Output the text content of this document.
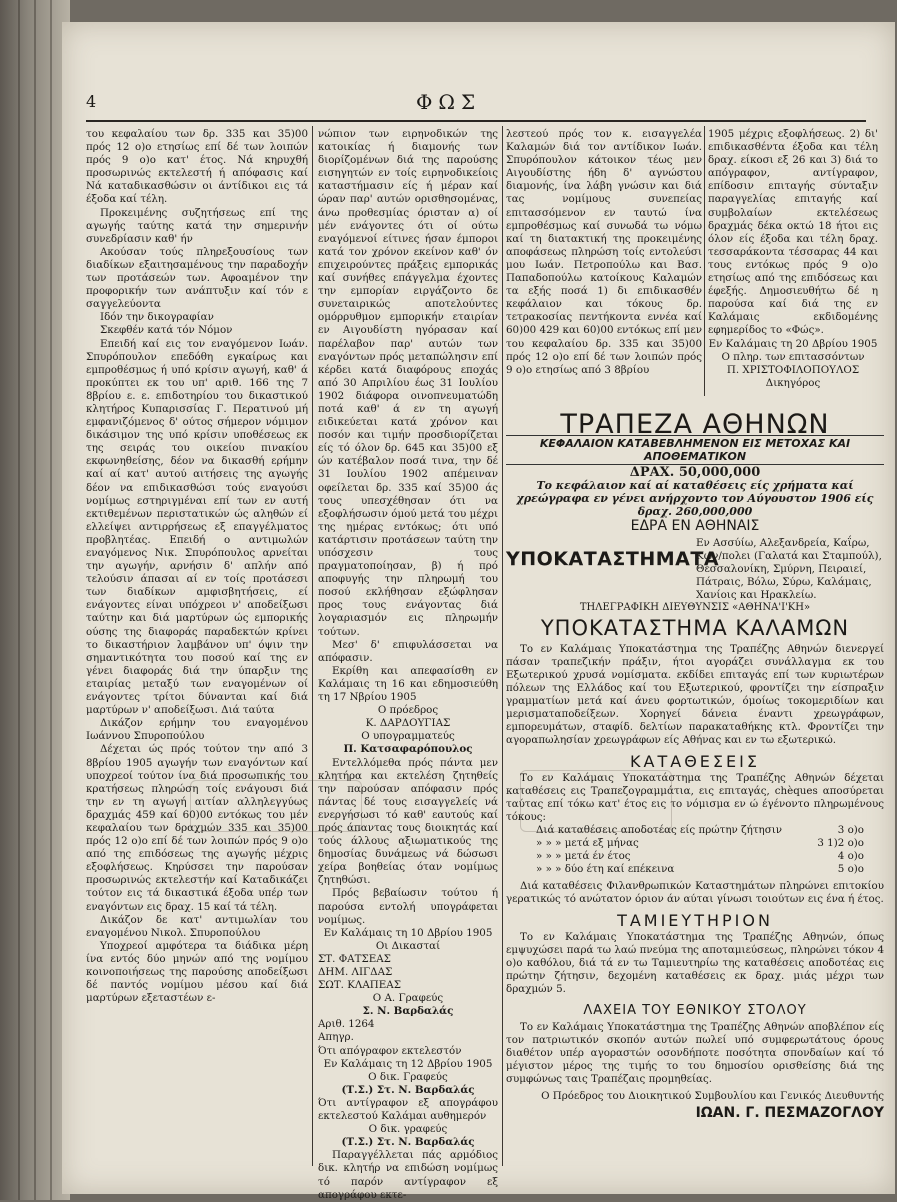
4	ΦΩΣ

του κεφαλαίου των δρ. 335 και 35)00 πρός 12 ο)ο ετησίως επί δέ των λοιπών πρός 9 ο)ο κατ' έτος. Νά κηρυχθή προσωρινώς εκτελεστή ή απόφασις καί Νά καταδικασθώσιν οι άντίδικοι εις τά έξοδα καί τέλη.

Προκειμένης συζητήσεως επί της αγωγής ταύτης κατά την σημερινήν συνεδρίασιν καθ' ήν

Ακούσαν τούς πληρεξουσίους των διαδίκων εξαιτησαμένους την παραδοχήν των προτάσεών των. Αφοαμένον την προφορικήν των ανάπτυξιν καί τόν ε σαγγελεύοντα

Ιδόν την δικογραφίαν

Σκεφθέν κατά τόν Νόμον

Επειδή καί εις τον εναγόμενον Ιωάν. Σπυρόπουλον επεδόθη εγκαίρως και εμπροθέσμως ή υπό κρίσιν αγωγή, καθ' ά προκύπτει εκ του υπ' αριθ. 166 της 7 8βρίου ε. ε. επιδοτηρίου του δικαστικού κλητήρος Κυπαρισσίας Γ. Περατινού μή εμφανιζόμενος δ' ούτος σήμερον νόμιμον δικάσιμον της υπό κρίσιν υποθέσεως εκ της σειράς του οικείου πινακίου εκφωνηθείσης, δέον να δικασθή ερήμην καί αί κατ' αυτού αιτήσεις της αγωγής δέον να επιδικασθώσι τούς εναγούσι νομίμως εστηριγμέναι επί των εν αυτή εκτιθεμένων περιστατικών ώς αληθών εί ελλείψει αντιρρήσεως εξ επαγγέλματος προβλητέας. Επειδή ο αντιμωλών εναγόμενος Νικ. Σπυρόπουλος αρνείται την αγωγήν, αρνήσιν δ' απλήν από τελούσιν άπασαι αί εν τοίς προτάσεσι των διαδίκων αμφισβητήσεις, εί ενάγοντες είναι υπόχρεοι ν' αποδείξωσι ταύτην και διά μαρτύρων ώς εμπορικής ούσης της διαφοράς παραδεκτών κρίνει το δικαστήριον λαμβάνον υπ' όψιν την σημαντικότητα του ποσού καί της εν γένει διαφοράς διά την ύπαρξιν της εταιρίας μεταξύ των εναγομένων οί ενάγοντες τρίτοι δύνανται καί διά μαρτύρων ν' αποδείξωσι. Διά ταύτα

Δικάζον ερήμην του εναγομένου Ιωάννου Σπυροπούλου

Δέχεται ώς πρός τούτον την από 3 8βρίου 1905 αγωγήν των εναγόντων καί υποχρεοί τούτον ίνα διά προσωπικής του κρατήσεως πληρώση τοίς ενάγουσι διά την εν τη αγωγή αιτίαν αλληλεγγύως δραχμάς 459 καί 60)00 εντόκως του μέν κεφαλαίου των δραχμών 335 και 35)00 πρός 12 ο)ο επί δέ των λοιπών πρός 9 ο)ο από της επιδόσεως της αγωγής μέχρις εξοφλήσεως. Κηρύσσει την παρούσαν προσωρινώς εκτελεστήν καί Καταδικάζει τούτον εις τά δικαστικά έξοδα υπέρ των εναγόντων εις δραχ. 15 καί τά τέλη.

Δικάζον δε κατ' αντιμωλίαν του εναγομένου Νικολ. Σπυροπούλου

Υποχρεοί αμφότερα τα διάδικα μέρη ίνα εντός δύο μηνών από της νομίμου κοινοποιήσεως της παρούσης αποδείξωσι δέ παντός νομίμου μέσου καί διά μαρτύρων εξεταστέων ε-

νώπιον των ειρηνοδικών της κατοικίας ή διαμονής των διορίζομένων διά της παρούσης εισηγητών εν τοίς ειρηνοδικείοις καταστήμασιν είς ή μέραν καί ώραν παρ' αυτών ορισθησομένας, άνω προθεσμίας όρισταν α) οί μέν ενάγοντες ότι οί ούτω εναγόμενοί είτινες ήσαν έμποροι κατά τον χρόνον εκείνον καθ' όν επιχειρούντες πράξεις εμπορικάς καί συνήθες επάγγελμα έχοντες την εμπορίαν ειργάζοντο δε συνεταιρικώς αποτελούντες ομόρρυθμον εμπορικήν εταιρίαν εν Αιγουδίστη ηγόρασαν καί παρέλαβον παρ' αυτών των εναγόντων πρός μεταπώλησιν επί κέρδει κατά διαφόρους εποχάς από 30 Απριλίου έως 31 Ιουλίου 1902 διάφορα οινοπνευματώδη ποτά καθ' ά εν τη αγωγή ειδικεύεται κατά χρόνον και ποσόν και τιμήν προσδιορίζεται είς τό όλον δρ. 645 και 35)00 εξ ών κατέβαλον ποσά τινα, την δέ 31 Ιουλίου 1902 απέμειναν οφείλεται δρ. 335 καί 35)00 άς τους υπεσχέθησαν ότι να εξοφλήσωσιν όμού μετά του μέχρι της ημέρας εντόκως; ότι υπό κατάρτισιν προτάσεων ταύτη την υπόσχεσιν τους πραγματοποίησαν, β) ή πρό αποφυγής την πληρωμή του ποσού εκλήθησαν εξώφλησαν προς τους ενάγοντας διά λογαριασμόν εις πληρωμήν τούτων.

Μεσ' δ' επιφυλάσσεται να απόφασιν.

Εκρίθη και απεφασίσθη εν Καλάμαις τη 16 και εδημοσιεύθη τη 17 Νβρίου 1905

Ο πρόεδρος

Κ. ΔΑΡΔΟΥΓΙΑΣ

Ο υπογραμματεύς

Π. Κατσαφαρόπουλος

Εντελλόμεθα πρός πάντα μεν κλητήρα και εκτελέση ζητηθείς την παρούσαν απόφασιν πρός πάντας δέ τους εισαγγελείς νά ενεργήσωσι τό καθ' εαυτούς καί πρός άπαντας τους διοικητάς καί τούς άλλους αξιωματικούς της δημοσίας δυνάμεως νά δώσωσι χείρα βοηθείας όταν νομίμως ζητηθώσι.

Πρός βεβαίωσιν τούτου ή παρούσα εντολή υπογράφεται νομίμως.

Εν Καλάμαις τη 10 Δβρίου 1905

Οι Δικασταί

ΣΤ. ΦΑΤΣΕΑΣ

ΔΗΜ. ΛΙΓΔΑΣ

ΣΩΤ. ΚΛΑΠΕΑΣ

Ο Α. Γραφεύς

Σ. Ν. Βαρδαλάς

Αριθ. 1264

Απηγρ.

Ότι απόγραφον εκτελεστόν

Εν Καλάμαις τη 12 Δβρίου 1905

Ο δικ. Γραφεύς

(Τ.Σ.) Στ. Ν. Βαρδαλάς

Ότι αντίγραφον εξ απογράφου εκτελεστού Καλάμαι αυθημερόν

Ο δικ. γραφεύς

(Τ.Σ.) Στ. Ν. Βαρδαλάς

Παραγγέλλεται πάς αρμόδιος δικ. κλητήρ να επιδώση νομίμως τό παρόν αντίγραφον εξ απογράφου εκτε-

λεστεού πρός τον κ. εισαγγελέα Καλαμών διά τον αντίδικον Ιωάν. Σπυρόπουλον κάτοικον τέως μεν Αιγουδίστης ήδη δ' αγνώστου διαμονής, ίνα λάβη γνώσιν και διά τας νομίμους συνεπείας επιτασσόμενον εν ταυτώ ίνα εμπροθέσμως καί συνωδά τω νόμω καί τη διατακτική της προκειμένης αποφάσεως πληρώση τοίς εντολεύσι μου Ιωάν. Πετροπούλω και Βασ. Παπαδοπούλω κατοίκους Καλαμών τα εξής ποσά 1) δι επιδικασθέν κεφάλαιον και τόκους δρ. τετρακοσίας πεντήκοντα εννέα καί 60)00 429 και 60)00 εντόκως επί μεν του κεφαλαίου δρ. 335 και 35)00 πρός 12 ο)ο επί δέ των λοιπών πρός 9 ο)ο ετησίως από 3 8βρίου

1905 μέχρις εξοφλήσεως. 2) δι' επιδικασθέντα έξοδα και τέλη δραχ. είκοσι εξ 26 και 3) διά το απόγραφον, αντίγραφον, επίδοσιν επιταγής σύνταξιν παραγγελίας επιταγής καί συμβολαίων εκτελέσεως δραχμάς δέκα οκτώ 18 ήτοι εις όλον είς έξοδα και τέλη δραχ. τεσσαράκοντα τέσσαρας 44 και τους εντόκως πρός 9 ο)ο ετησίως από της επιδόσεως και έφεξής. Δημοσιευθήτω δέ η παρούσα καί διά της εν Καλάμαις εκδιδομένης εφημερίδος το «Φώς».

Εν Καλάμαις τη 20 Δβρίου 1905

Ο πληρ. των επιτασσόντων

Π. ΧΡΙΣΤΟΦΙΛΟΠΟΥΛΟΣ

Δικηγόρος

ΤΡΑΠΕΖΑ ΑΘΗΝΩΝ
ΚΕΦΑΛΑΙΟΝ ΚΑΤΑΒΕΒΛΗΜΕΝΟΝ ΕΙΣ ΜΕΤΟΧΑΣ ΚΑΙ ΑΠΟΘΕΜΑΤΙΚΟΝ
ΔΡΑΧ. 50,000,000
Το κεφάλαιον καί αί καταθέσεις είς χρήματα καί χρεώγραφα εν γένει ανήρχοντο τον Αύγουστον 1906 είς δραχ. 260,000,000
ΕΔΡΑ ΕΝ ΑΘΗΝΑΙΣ
ΥΠΟΚΑΤΑΣΤΗΜΑΤΑ
Εν Ασσύίω, Αλεξανδρεία, Καΐρω, Κων/πολει (Γαλατά και Σταμπούλ), Θεσσαλονίκη, Σμύρνη, Πειραιεί, Πάτραις, Βόλω, Σύρω, Καλάμαις, Χανίοις και Ηρακλείω.
ΤΗΛΕΓΡΑΦΙΚΗ ΔΙΕΥΘΥΝΣΙΣ «ΑΘΗΝΑ'Ι'ΚΗ»
ΥΠΟΚΑΤΑΣΤΗΜΑ ΚΑΛΑΜΩΝ

Το εν Καλάμαις Υποκατάστημα της Τραπέζης Αθηνών διενεργεί πάσαν τραπεζικήν πράξιν, ήτοι αγοράζει συνάλλαγμα εκ του Εξωτερικού χρυσά νομίσματα. εκδίδει επιταγάς επί των κυριωτέρων πόλεων της Ελλάδος καί του Εξωτερικού, φροντίζει την είσπραξιν γραμματίων μετά καί άνευ φορτωτικών, όμοίως τοκομεριδίων και μερισματαποδείξεων. Χορηγεί δάνεια έναντι χρεωγράφων, εμπορευμάτων, σταφίδ. δελτίων παρακαταθήκης κτλ. Φροντίζει την αγοραπωλησίαν χρεωγράφων είς Αθήνας και εν τω εξωτερικώ.

ΚΑΤΑΘΕΣΕΙΣ

Το εν Καλάμαις Υποκατάστημα της Τραπέζης Αθηνών δέχεται καταθέσεις εις Τραπεζογραμμάτια, εις επιταγάς, chèques αποσύρεται ταύτας επί τόκω κατ' έτος εις το νόμισμα εν ώ έγένοντο πληρωμένους τόκους:

Διά καταθέσεις αποδοτέας είς πρώτην ζήτησιν	3 ο)ο
» » » μετά εξ μήνας	3 1)2 ο)ο
» » » μετά έν έτος	4 ο)ο
» » » δύο έτη καί επέκεινα	5 ο)ο

Διά καταθέσεις Φιλανθρωπικών Καταστημάτων πληρώνει επιτοκίου γερατικώς τό ανώτατον όριον άν αύται γίνωσι τοιούτων εις ένα ή έτος.

ΤΑΜΙΕΥΤΗΡΙΟΝ

Το εν Καλάμαις Υποκατάστημα της Τραπέζης Αθηνών, όπως εμψυχώσει παρά τω λαώ πνεύμα της αποταμιεύσεως, πληρώνει τόκον 4 ο)ο καθόλου, διά τά εν τω Ταμιευτηρίω της καταθέσεις αποδοτέας εις πρώτην ζήτησιν, δεχομένη καταθέσεις εκ δραχ. μιάς μέχρι των δραχμών 5.

ΛΑΧΕΙΑ ΤΟΥ ΕΘΝΙΚΟΥ ΣΤΟΛΟΥ

Το εν Καλάμαις Υποκατάστημα της Τραπέζης Αθηνών αποβλέπον είς τον πατριωτικόν σκοπόν αυτών πωλεί υπό συμφερωτάτους όρους διαθέτον υπέρ αγοραστών οσονδήποτε ποσότητα σπονδαίων καί τό μέγιστον μέρος της τιμής το του δημοσίου ορισθείσης διά της συμφώνως ταις Τραπέζαις προμηθείας.

Ο Πρόεδρος του Διοικητικού Συμβουλίου και Γενικός Διευθυντής

ΙΩΑΝ. Γ. ΠΕΣΜΑΖΟΓΛΟΥ
